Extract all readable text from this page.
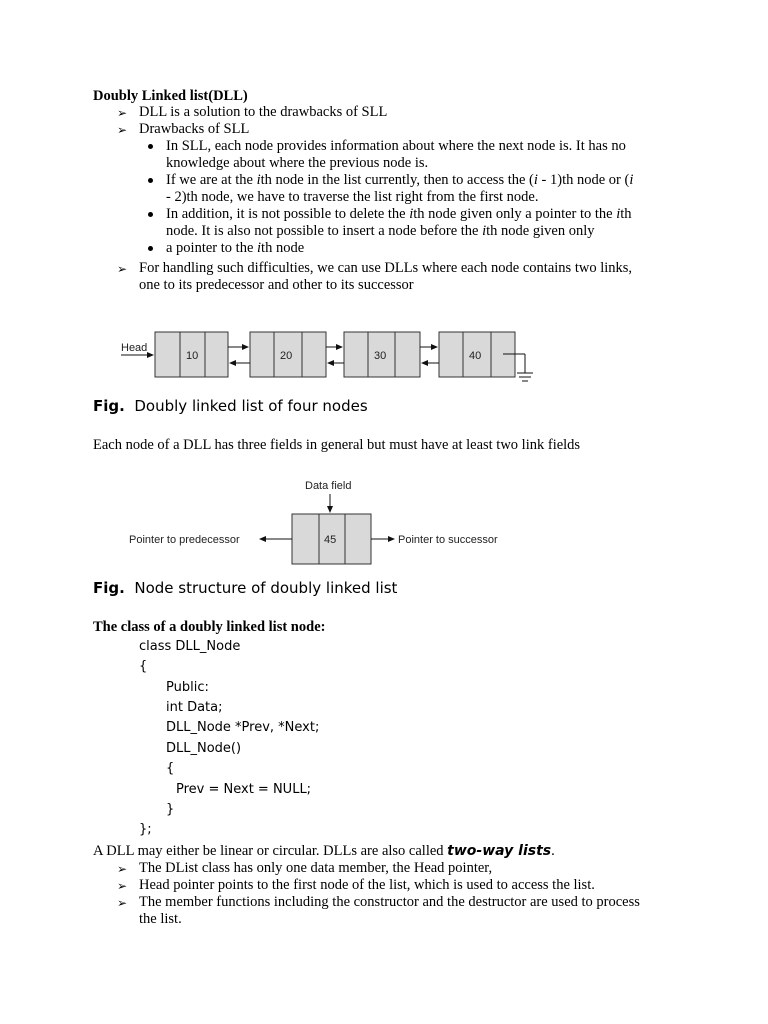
Doubly Linked list(DLL)
➢ DLL is a solution to the drawbacks of SLL
➢ Drawbacks of SLL
In SLL, each node provides information about where the next node is. It has no
knowledge about where the previous node is.
If we are at the ith node in the list currently, then to access the (i - 1)th node or (i
- 2)th node, we have to traverse the list right from the first node.
In addition, it is not possible to delete the ith node given only a pointer to the ith
node. It is also not possible to insert a node before the ith node given only
a pointer to the ith node
➢ For handling such difficulties, we can use DLLs where each node contains two links,
one to its predecessor and other to its successor
Head
10	20	30	40
Fig. Doubly linked list of four nodes
Each node of a DLL has three fields in general but must have at least two link fields
Data field
45
Pointer to predecessor	Pointer to successor
Fig. Node structure of doubly linked list
The class of a doubly linked list node:
class DLL_Node
{
Public:
int Data;
DLL_Node *Prev, *Next;
DLL_Node()
{
Prev = Next = NULL;
}
};
A DLL may either be linear or circular. DLLs are also called two-way lists.
➢ The DList class has only one data member, the Head pointer,
➢ Head pointer points to the first node of the list, which is used to access the list.
➢ The member functions including the constructor and the destructor are used to process
the list.
